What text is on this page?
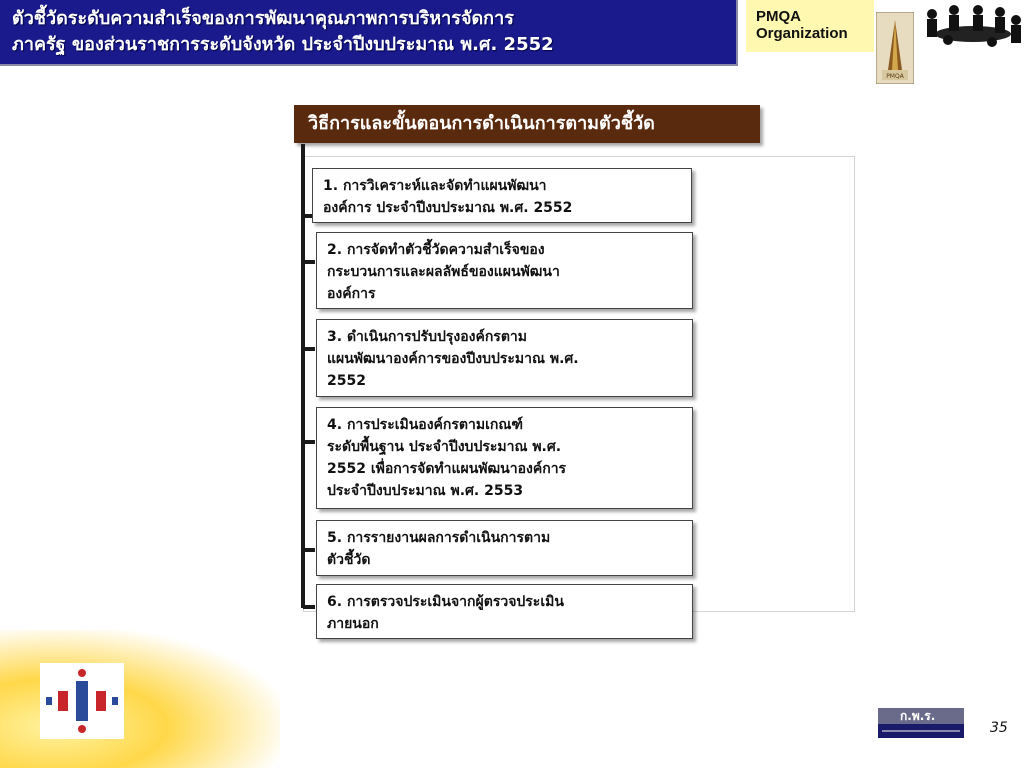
ตัวชี้วัดระดับความสำเร็จของการพัฒนาคุณภาพการบริหารจัดการ
ภาครัฐ ของส่วนราชการระดับจังหวัด ประจำปีงบประมาณ พ.ศ. 2552
PMQA
Organization
PMQA
วิธีการและขั้นตอนการดำเนินการตามตัวชี้วัด
1. การวิเคราะห์และจัดทำแผนพัฒนา
องค์การ ประจำปีงบประมาณ พ.ศ. 2552
2. การจัดทำตัวชี้วัดความสำเร็จของ
กระบวนการและผลลัพธ์ของแผนพัฒนา
องค์การ
3. ดำเนินการปรับปรุงองค์กรตาม
แผนพัฒนาองค์การของปีงบประมาณ พ.ศ.
2552
4. การประเมินองค์กรตามเกณฑ์
ระดับพื้นฐาน ประจำปีงบประมาณ พ.ศ.
2552 เพื่อการจัดทำแผนพัฒนาองค์การ
ประจำปีงบประมาณ พ.ศ. 2553
5. การรายงานผลการดำเนินการตาม
ตัวชี้วัด
6. การตรวจประเมินจากผู้ตรวจประเมิน
ภายนอก
ก.พ.ร.
35
